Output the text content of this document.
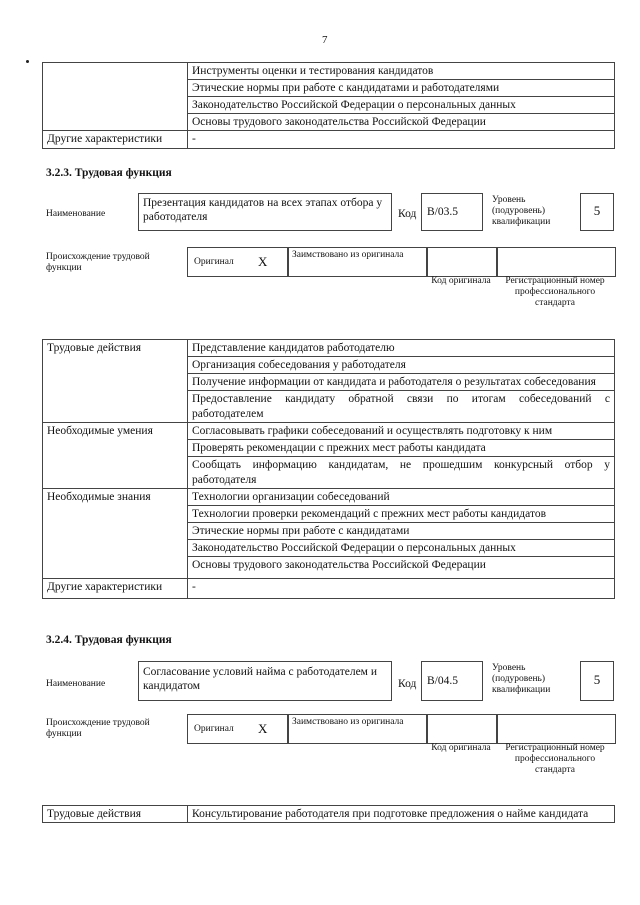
7
	Инструменты оценки и тестирования кандидатов
	Этические нормы при работе с кандидатами и работодателями
	Законодательство Российской Федерации о персональных данных
	Основы трудового законодательства Российской Федерации
Другие характеристики	-
3.2.3. Трудовая функция
Наименование
Презентация кандидатов на всех этапах отбора у работодателя	Код B/03.5
Уровень (подуровень) квалификации
5
Происхождение трудовой функции
Оригинал X	Заимствовано из оригинала
Код оригинала	Регистрационный номер профессионального стандарта
Трудовые действия	Представление кандидатов работодателю
	Организация собеседования у работодателя
	Получение информации от кандидата и работодателя о результатах собеседования
	Предоставление кандидату обратной связи по итогам собеседований с работодателем
Необходимые умения	Согласовывать графики собеседований и осуществлять подготовку к ним
	Проверять рекомендации с прежних мест работы кандидата
	Сообщать информацию кандидатам, не прошедшим конкурсный отбор у работодателя
Необходимые знания	Технологии организации собеседований
	Технологии проверки рекомендаций с прежних мест работы кандидатов
	Этические нормы при работе с кандидатами
	Законодательство Российской Федерации о персональных данных
	Основы трудового законодательства Российской Федерации
Другие характеристики	-
3.2.4. Трудовая функция
Наименование
Согласование условий найма с работодателем и кандидатом	Код B/04.5
Уровень (подуровень) квалификации
5
Происхождение трудовой функции	Оригинал X	Заимствовано из оригинала
Код оригинала	Регистрационный номер профессионального стандарта
Трудовые действия	Консультирование работодателя при подготовке предложения о найме кандидата
